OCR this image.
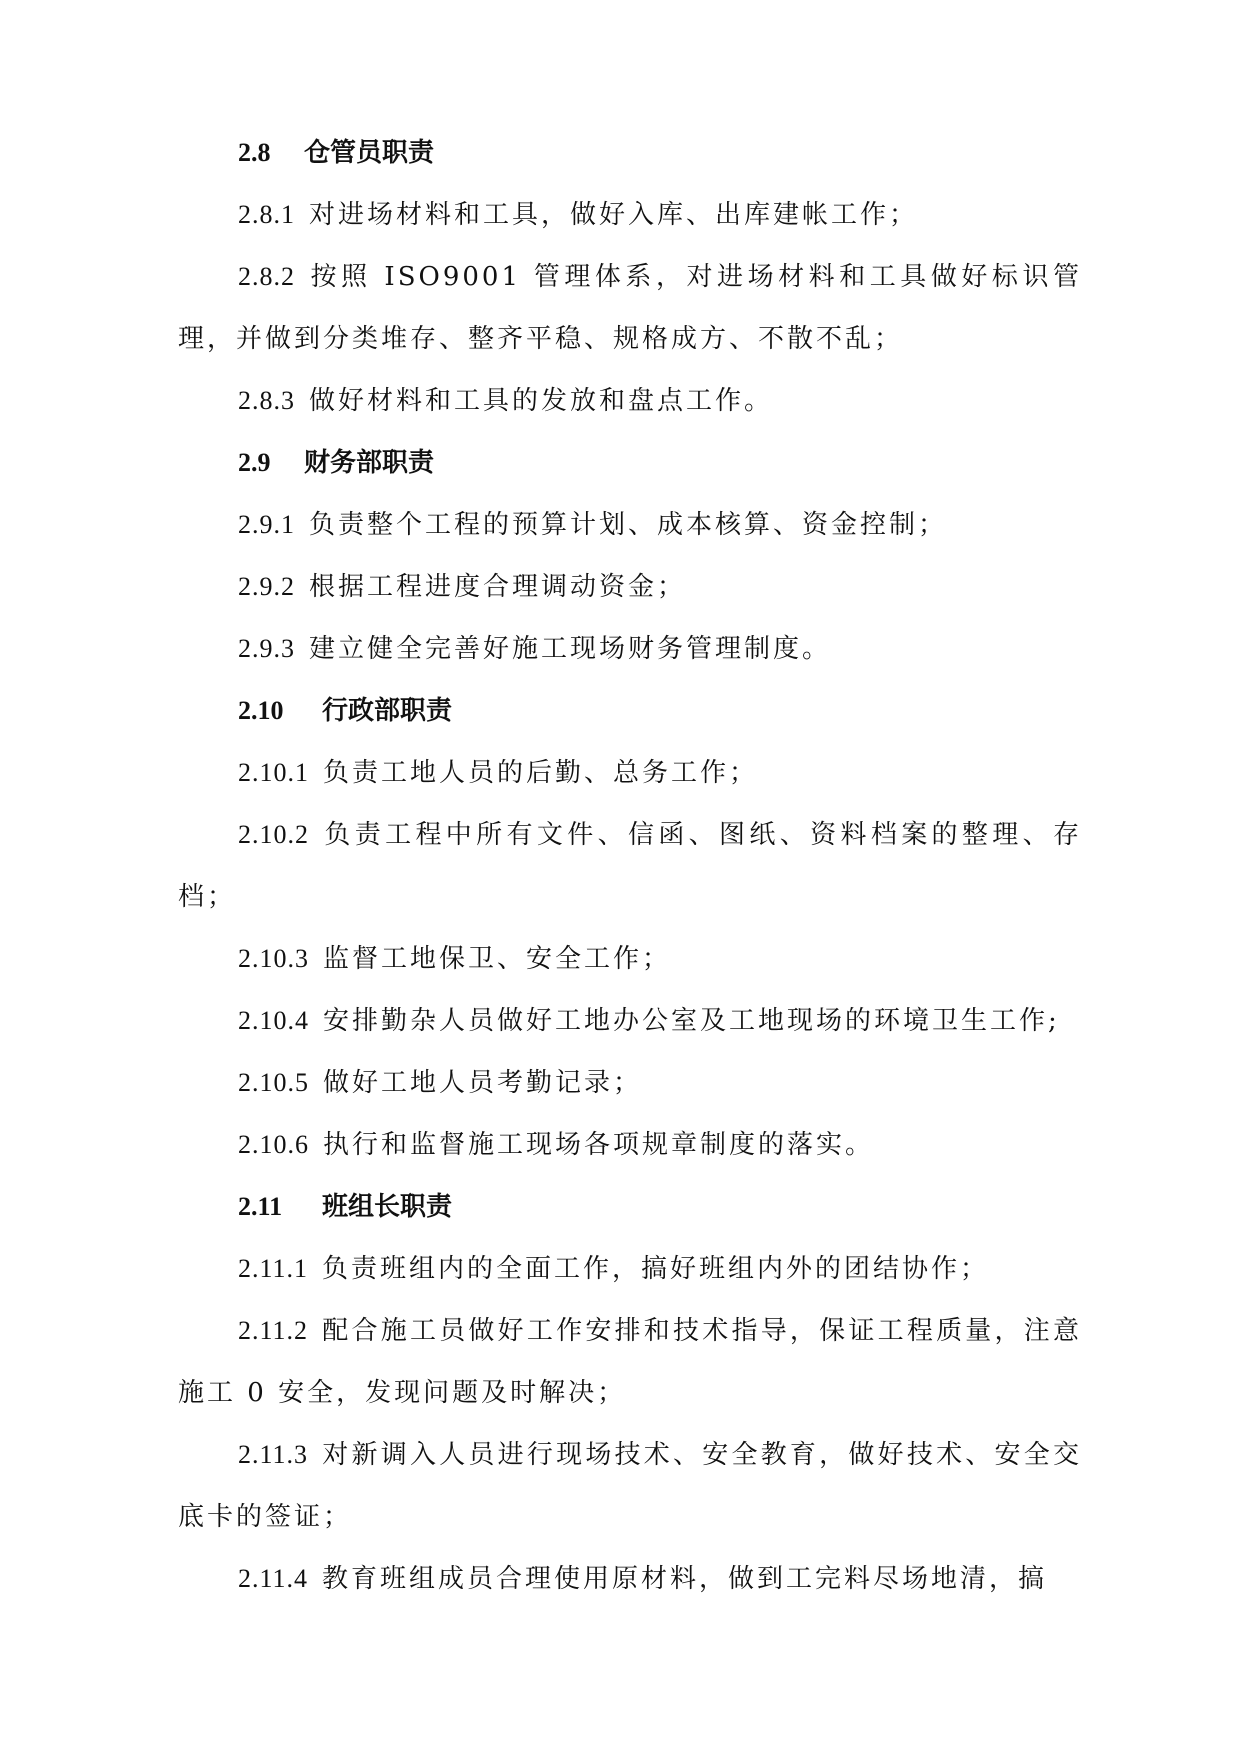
2.8 仓管员职责
2.8.1 对进场材料和工具，做好入库、出库建帐工作；
2.8.2 按照 ISO9001 管理体系，对进场材料和工具做好标识管理，并做到分类堆存、整齐平稳、规格成方、不散不乱；
2.8.3 做好材料和工具的发放和盘点工作。
2.9 财务部职责
2.9.1 负责整个工程的预算计划、成本核算、资金控制；
2.9.2 根据工程进度合理调动资金；
2.9.3 建立健全完善好施工现场财务管理制度。
2.10 行政部职责
2.10.1 负责工地人员的后勤、总务工作；
2.10.2 负责工程中所有文件、信函、图纸、资料档案的整理、存档；
2.10.3 监督工地保卫、安全工作；
2.10.4 安排勤杂人员做好工地办公室及工地现场的环境卫生工作;
2.10.5 做好工地人员考勤记录；
2.10.6 执行和监督施工现场各项规章制度的落实。
2.11 班组长职责
2.11.1 负责班组内的全面工作，搞好班组内外的团结协作；
2.11.2 配合施工员做好工作安排和技术指导，保证工程质量，注意施工 0 安全，发现问题及时解决；
2.11.3 对新调入人员进行现场技术、安全教育，做好技术、安全交底卡的签证；
2.11.4 教育班组成员合理使用原材料，做到工完料尽场地清，搞
